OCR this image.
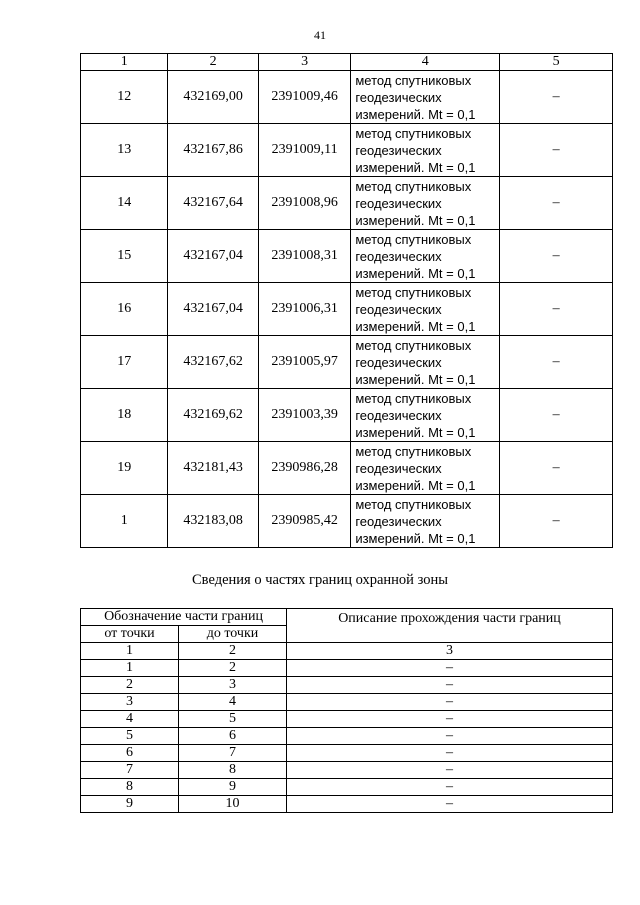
41
1	2	3	4	5
12	432169,00	2391009,46	метод спутниковых
геодезических
измерений. Mt = 0,1	–
13	432167,86	2391009,11	метод спутниковых
геодезических
измерений. Mt = 0,1	–
14	432167,64	2391008,96	метод спутниковых
геодезических
измерений. Mt = 0,1	–
15	432167,04	2391008,31	метод спутниковых
геодезических
измерений. Mt = 0,1	–
16	432167,04	2391006,31	метод спутниковых
геодезических
измерений. Mt = 0,1	–
17	432167,62	2391005,97	метод спутниковых
геодезических
измерений. Mt = 0,1	–
18	432169,62	2391003,39	метод спутниковых
геодезических
измерений. Mt = 0,1	–
19	432181,43	2390986,28	метод спутниковых
геодезических
измерений. Mt = 0,1	–
1	432183,08	2390985,42	метод спутниковых
геодезических
измерений. Mt = 0,1	–
Сведения о частях границ охранной зоны
Обозначение части границ		Описание прохождения части границ
от точки	до точки	
1	2	3
1	2	–
2	3	–
3	4	–
4	5	–
5	6	–
6	7	–
7	8	–
8	9	–
9	10	–
